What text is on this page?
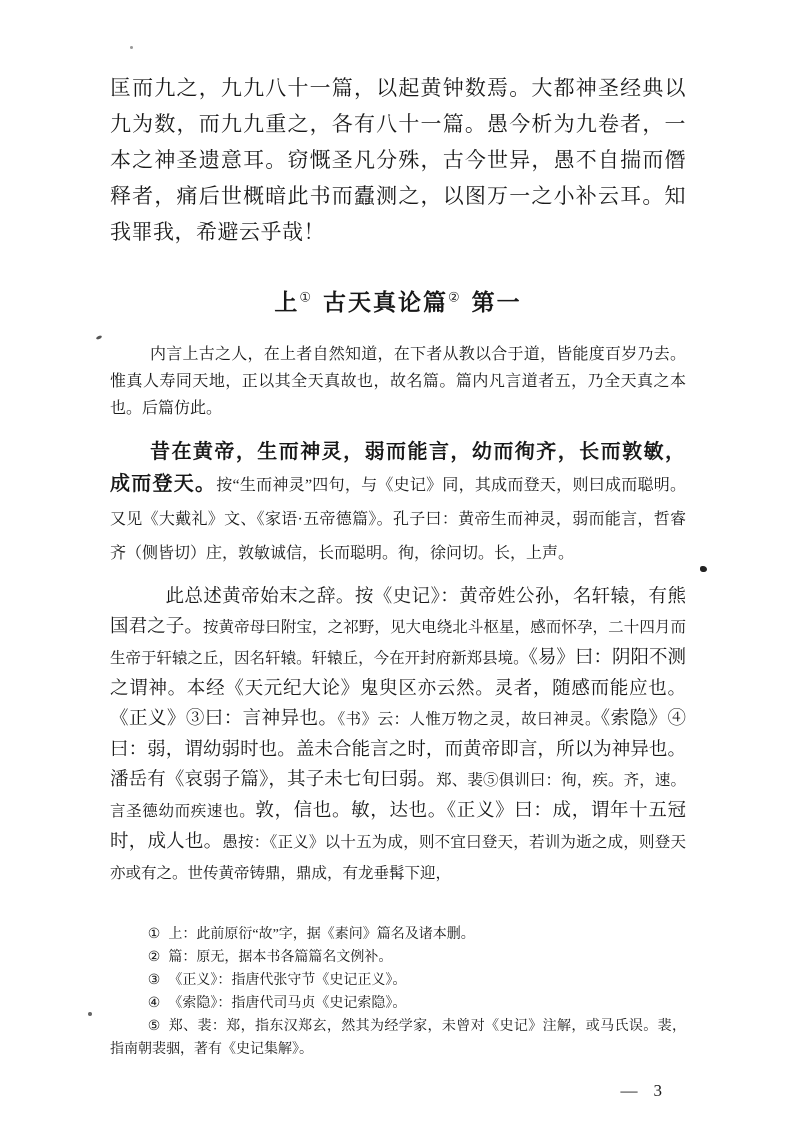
匡而九之，九九八十一篇，以起黄钟数焉。大都神圣经典以九为数，而九九重之，各有八十一篇。愚今析为九卷者，一本之神圣遗意耳。窃慨圣凡分殊，古今世异，愚不自揣而僭释者，痛后世概暗此书而蠹测之，以图万一之小补云耳。知我罪我，希避云乎哉！

上① 古天真论篇② 第一

内言上古之人，在上者自然知道，在下者从教以合于道，皆能度百岁乃去。惟真人寿同天地，正以其全天真故也，故名篇。篇内凡言道者五，乃全天真之本也。后篇仿此。

昔在黄帝，生而神灵，弱而能言，幼而徇齐，长而敦敏，成而登天。按“生而神灵”四句，与《史记》同，其成而登天，则曰成而聪明。又见《大戴礼》文、《家语·五帝德篇》。孔子曰：黄帝生而神灵，弱而能言，哲睿齐（侧皆切）庄，敦敏诚信，长而聪明。徇，徐问切。长，上声。

此总述黄帝始末之辞。按《史记》：黄帝姓公孙，名轩辕，有熊国君之子。按黄帝母曰附宝，之祁野，见大电绕北斗枢星，感而怀孕，二十四月而生帝于轩辕之丘，因名轩辕。轩辕丘，今在开封府新郑县境。《易》曰：阴阳不测之谓神。本经《天元纪大论》鬼臾区亦云然。灵者，随感而能应也。《正义》③曰：言神异也。《书》云：人惟万物之灵，故曰神灵。《索隐》④曰：弱，谓幼弱时也。盖未合能言之时，而黄帝即言，所以为神异也。潘岳有《哀弱子篇》，其子未七旬曰弱。郑、裴⑤俱训曰：徇，疾。齐，速。言圣德幼而疾速也。敦，信也。敏，达也。《正义》曰：成，谓年十五冠时，成人也。愚按：《正义》以十五为成，则不宜曰登天，若训为逝之成，则登天亦或有之。世传黄帝铸鼎，鼎成，有龙垂髯下迎，

① 上：此前原衍“故”字，据《素问》篇名及诸本删。

② 篇：原无，据本书各篇篇名文例补。

③ 《正义》：指唐代张守节《史记正义》。

④ 《索隐》：指唐代司马贞《史记索隐》。

⑤ 郑、裴：郑，指东汉郑玄，然其为经学家，未曾对《史记》注解，或马氏误。裴，指南朝裴骃，著有《史记集解》。

— 3
